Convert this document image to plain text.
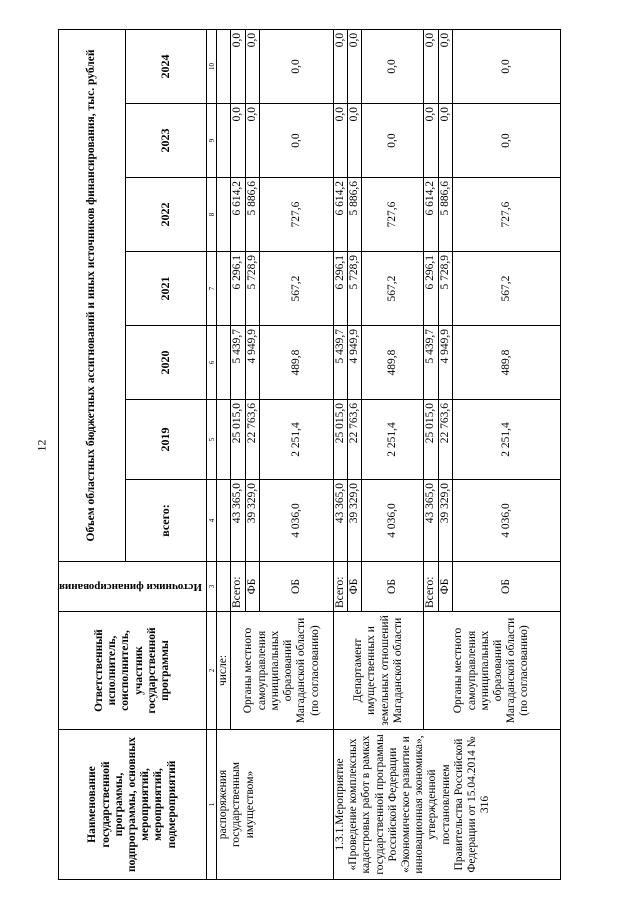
12
Наименование государственной программы, подпрограммы, основных мероприятий, мероприятий, подмероприятий	Ответственный исполнитель, соисполнитель, участник государственной программы	Источники финансирования	Объем областных бюджетных ассигнований и иных источников финансирования, тыс. рублей						
			всего:	2019	2020	2021	2022	2023	2024
1	2	3	4	5	6	7	8	9	10
распоряжения государственным имуществом»	числе:								
	Органы местного самоуправления муниципальных образований Магаданской области (по согласованию)	Всего:	43 365,0	25 015,0	5 439,7	6 296,1	6 614,2	0,0	0,0
		ФБ	39 329,0	22 763,6	4 949,9	5 728,9	5 886,6	0,0	0,0
		ОБ	4 036,0	2 251,4	489,8	567,2	727,6	0,0	0,0
1.3.1.Мероприятие «Проведение комплексных кадастровых работ в рамках государственной программы Российской Федерации «Экономическое развитие и инновационная экономика», утвержденной постановлением Правительства Российской Федерации от 15.04.2014 № 316	Департамент имущественных и земельных отношений Магаданской области	Всего:	43 365,0	25 015,0	5 439,7	6 296,1	6 614,2	0,0	0,0
		ФБ	39 329,0	22 763,6	4 949,9	5 728,9	5 886,6	0,0	0,0
		ОБ	4 036,0	2 251,4	489,8	567,2	727,6	0,0	0,0
	Органы местного самоуправления муниципальных образований Магаданской области (по согласованию)	Всего:	43 365,0	25 015,0	5 439,7	6 296,1	6 614,2	0,0	0,0
		ФБ	39 329,0	22 763,6	4 949,9	5 728,9	5 886,6	0,0	0,0
		ОБ	4 036,0	2 251,4	489,8	567,2	727,6	0,0	0,0
